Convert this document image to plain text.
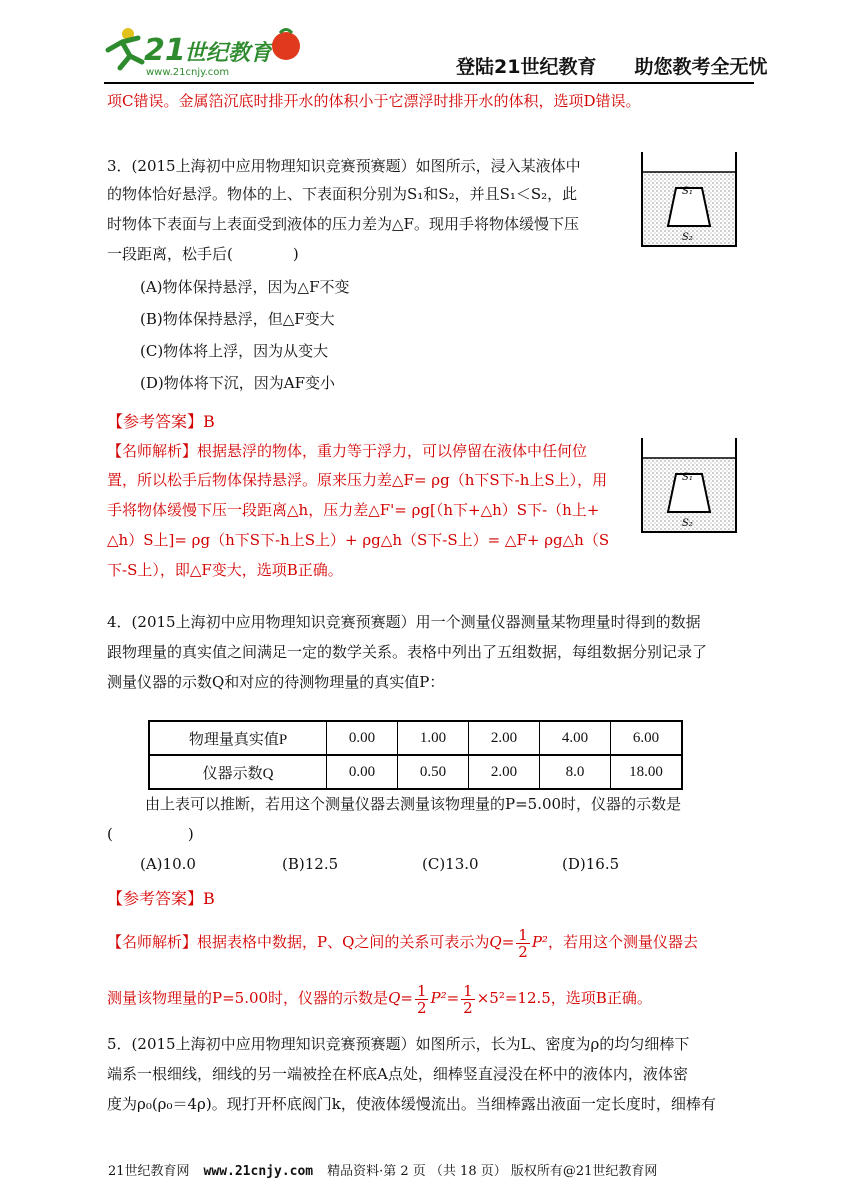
21
世纪教育
www.21cnjy.com	登陆21世纪教育　　助您教考全无忧
项C错误。金属箔沉底时排开水的体积小于它漂浮时排开水的体积，选项D错误。
3．(2015上海初中应用物理知识竞赛预赛题）如图所示，浸入某液体中
的物体恰好悬浮。物体的上、下表面积分别为S₁和S₂，并且S₁＜S₂，此
时物体下表面与上表面受到液体的压力差为△F。现用手将物体缓慢下压
一段距离，松手后(　　　　)
(A)物体保持悬浮，因为△F不变
(B)物体保持悬浮，但△F变大
(C)物体将上浮，因为从变大
(D)物体将下沉，因为AF变小
【参考答案】B
【名师解析】根据悬浮的物体，重力等于浮力，可以停留在液体中任何位
置，所以松手后物体保持悬浮。原来压力差△F= ρg（h下S下-h上S上），用
手将物体缓慢下压一段距离△h，压力差△F'= ρg[（h下+△h）S下-（h上+
△h）S上]= ρg（h下S下-h上S上）+ ρg△h（S下-S上）= △F+ ρg△h（S
下-S上），即△F变大，选项B正确。
S₁
S₂
S₁
S₂
4．(2015上海初中应用物理知识竞赛预赛题）用一个测量仪器测量某物理量时得到的数据
跟物理量的真实值之间满足一定的数学关系。表格中列出了五组数据，每组数据分别记录了
测量仪器的示数Q和对应的待测物理量的真实值P：
物理量真实值P	0.00	1.00	2.00	4.00	6.00
仪器示数Q	0.00	0.50	2.00	8.0	18.00
由上表可以推断，若用这个测量仪器去测量该物理量的P=5.00时，仪器的示数是
(　　　　　)
(A)10.0	(B)12.5	(C)13.0	(D)16.5
【参考答案】B
【名师解析】根据表格中数据，P、Q之间的关系可表示为$Q= \frac{1}{2} P^2$，若用这个测量仪器去
测量该物理量的P=5.00时，仪器的示数是$Q= \frac{1}{2} P^2= \frac{1}{2} \times 5^2=12.5$，选项B正确。
5．(2015上海初中应用物理知识竞赛预赛题）如图所示，长为L、密度为ρ的均匀细棒下
端系一根细线，细线的另一端被拴在杯底A点处，细棒竖直浸没在杯中的液体内，液体密
度为ρ₀(ρ₀＝4ρ)。现打开杯底阀门k，使液体缓慢流出。当细棒露出液面一定长度时，细棒有
21世纪教育网 www.21cnjy.com 精品资料·第 2 页 （共 18 页） 版权所有@21世纪教育网
